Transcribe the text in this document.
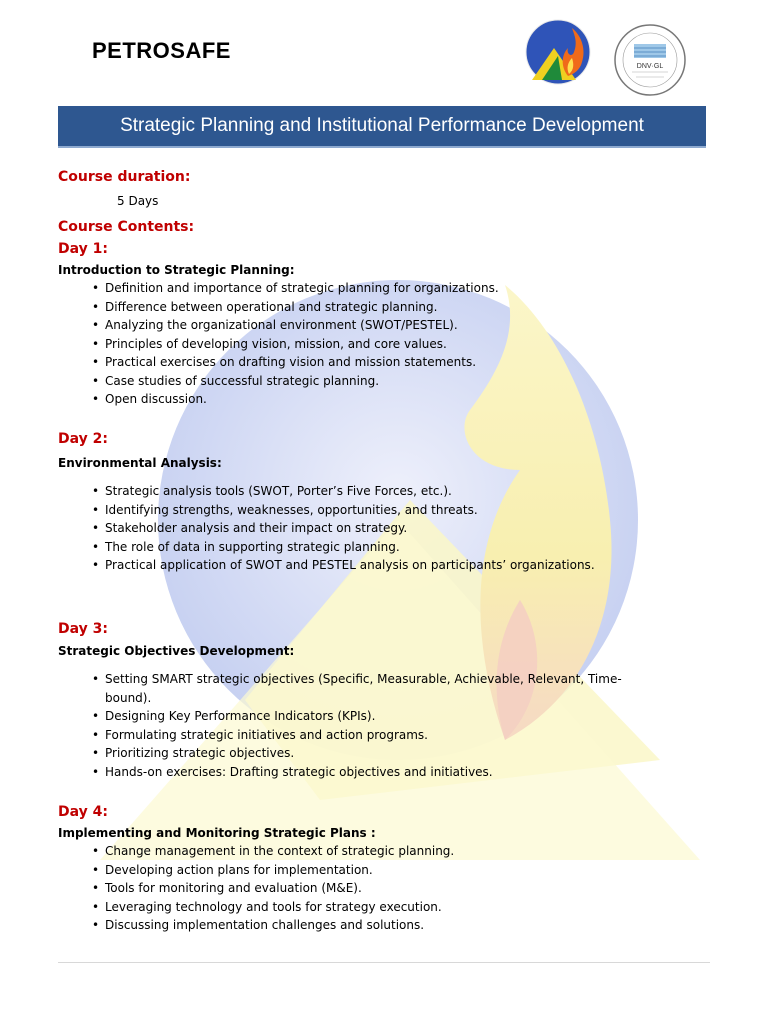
PETROSAFE
DNV·GL
Strategic Planning and Institutional Performance Development
Course duration:
5 Days
Course Contents:
Day 1:
Introduction to Strategic Planning:
• Definition and importance of strategic planning for organizations.
• Difference between operational and strategic planning.
• Analyzing the organizational environment (SWOT/PESTEL).
• Principles of developing vision, mission, and core values.
• Practical exercises on drafting vision and mission statements.
• Case studies of successful strategic planning.
• Open discussion.
Day 2:
Environmental Analysis:
• Strategic analysis tools (SWOT, Porter’s Five Forces, etc.).
• Identifying strengths, weaknesses, opportunities, and threats.
• Stakeholder analysis and their impact on strategy.
• The role of data in supporting strategic planning.
• Practical application of SWOT and PESTEL analysis on participants’ organizations.
Day 3:
Strategic Objectives Development:
• Setting SMART strategic objectives (Specific, Measurable, Achievable, Relevant, Time-bound).
• Designing Key Performance Indicators (KPIs).
• Formulating strategic initiatives and action programs.
• Prioritizing strategic objectives.
• Hands-on exercises: Drafting strategic objectives and initiatives.
Day 4:
Implementing and Monitoring Strategic Plans :
• Change management in the context of strategic planning.
• Developing action plans for implementation.
• Tools for monitoring and evaluation (M&E).
• Leveraging technology and tools for strategy execution.
• Discussing implementation challenges and solutions.
